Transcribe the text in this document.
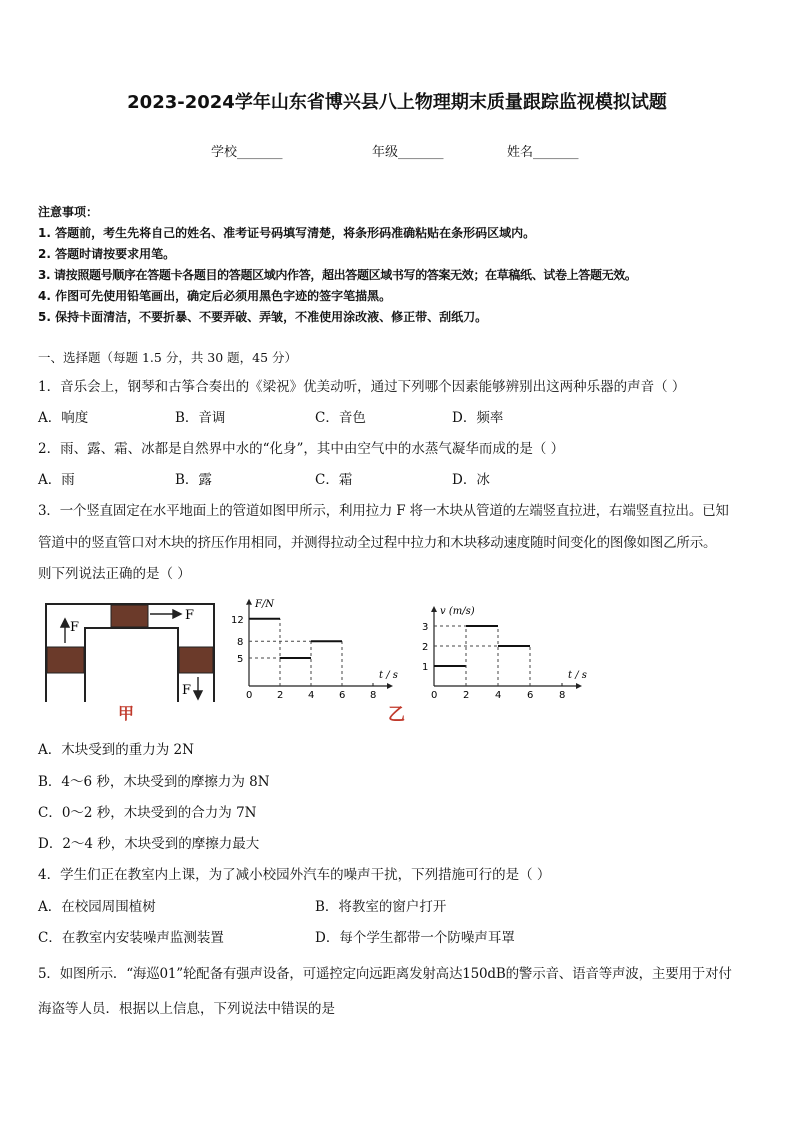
2023-2024学年山东省博兴县八上物理期末质量跟踪监视模拟试题
学校_______	年级_______	姓名_______
注意事项：
1. 答题前，考生先将自己的姓名、准考证号码填写清楚，将条形码准确粘贴在条形码区域内。
2. 答题时请按要求用笔。
3. 请按照题号顺序在答题卡各题目的答题区域内作答，超出答题区域书写的答案无效；在草稿纸、试卷上答题无效。
4. 作图可先使用铅笔画出，确定后必须用黑色字迹的签字笔描黑。
5. 保持卡面清洁，不要折暴、不要弄破、弄皱，不准使用涂改液、修正带、刮纸刀。
一、选择题（每题 1.5 分，共 30 题，45 分）
1．音乐会上，钢琴和古筝合奏出的《梁祝》优美动听，通过下列哪个因素能够辨别出这两种乐器的声音（ ）
A．响度	B．音调	C．音色	D．频率
2．雨、露、霜、冰都是自然界中水的“化身”，其中由空气中的水蒸气凝华而成的是（ ）
A．雨	B．露	C．霜	D．冰
3．一个竖直固定在水平地面上的管道如图甲所示，利用拉力 F 将一木块从管道的左端竖直拉进，右端竖直拉出。已知
管道中的竖直管口对木块的挤压作用相同，并测得拉动全过程中拉力和木块移动速度随时间变化的图像如图乙所示。
则下列说法正确的是（ ）
F
F
F
甲
F/N
t / s
0 2 4 6 8
5
8
12
v (m/s)
t / s
0	2	4	6	8
1
2
3
乙
A．木块受到的重力为 2N
B．4～6 秒，木块受到的摩擦力为 8N
C．0～2 秒，木块受到的合力为 7N
D．2～4 秒，木块受到的摩擦力最大
4．学生们正在教室内上课，为了减小校园外汽车的噪声干扰，下列措施可行的是（ ）
A．在校园周围植树	B．将教室的窗户打开
C．在教室内安装噪声监测装置	D．每个学生都带一个防噪声耳罩
5．如图所示．“海巡01”轮配备有强声设备，可遥控定向远距离发射高达150dB的警示音、语音等声波，主要用于对付
海盗等人员．根据以上信息，下列说法中错误的是
